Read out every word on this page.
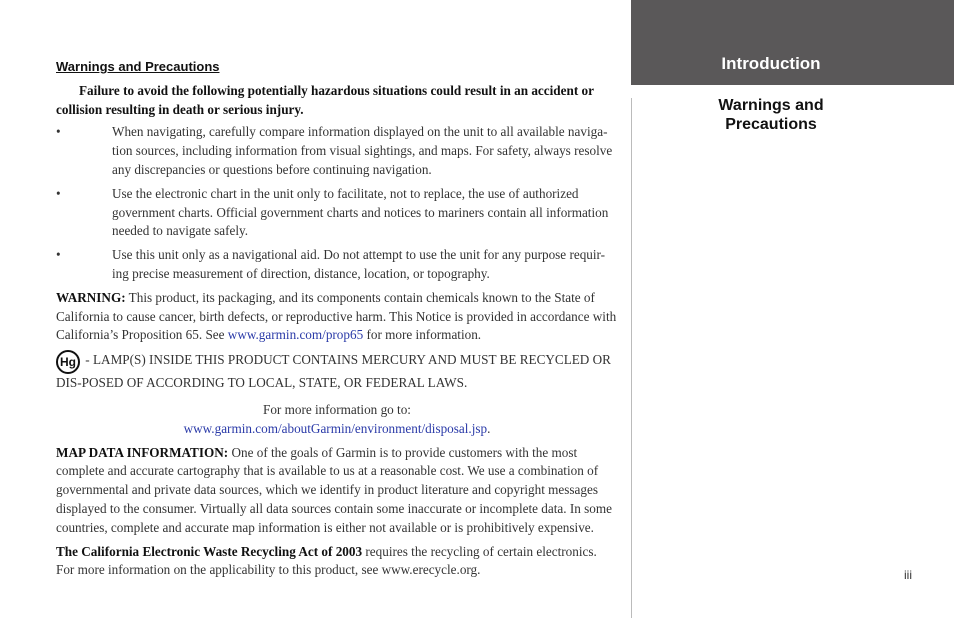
Introduction
Warnings and
Precautions
Warnings and Precautions

Failure to avoid the following potentially hazardous situations could result in an accident or collision resulting in death or serious injury.

•	When navigating, carefully compare information displayed on the unit to all available naviga-tion sources, including information from visual sightings, and maps. For safety, always resolve any discrepancies or questions before continuing navigation.
•	Use the electronic chart in the unit only to facilitate, not to replace, the use of authorized government charts. Official government charts and notices to mariners contain all information needed to navigate safely.
•	Use this unit only as a navigational aid. Do not attempt to use the unit for any purpose requir-ing precise measurement of direction, distance, location, or topography.

WARNING: This product, its packaging, and its components contain chemicals known to the State of California to cause cancer, birth defects, or reproductive harm. This Notice is provided in accordance with California’s Proposition 65. See www.garmin.com/prop65 for more information.

Hg - LAMP(S) INSIDE THIS PRODUCT CONTAINS MERCURY AND MUST BE RECYCLED OR DIS-POSED OF ACCORDING TO LOCAL, STATE, OR FEDERAL LAWS.

For more information go to:
www.garmin.com/aboutGarmin/environment/disposal.jsp.

MAP DATA INFORMATION: One of the goals of Garmin is to provide customers with the most complete and accurate cartography that is available to us at a reasonable cost. We use a combination of governmental and private data sources, which we identify in product literature and copyright messages displayed to the consumer. Virtually all data sources contain some inaccurate or incomplete data. In some countries, complete and accurate map information is either not available or is prohibitively expensive.

The California Electronic Waste Recycling Act of 2003 requires the recycling of certain electronics. For more information on the applicability to this product, see www.erecycle.org.	iii
